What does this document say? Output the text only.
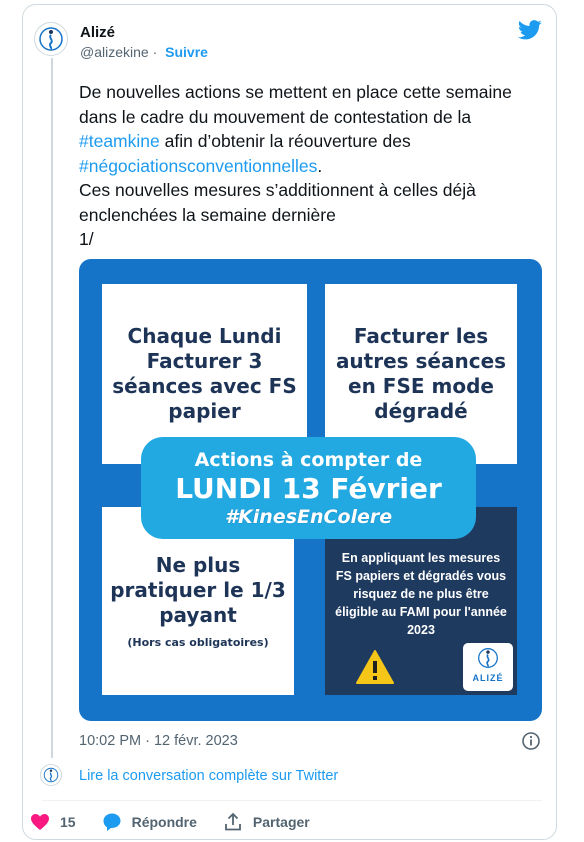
Alizé
@alizekine · Suivre
De nouvelles actions se mettent en place cette semaine dans le cadre du mouvement de contestation de la #teamkine afin d’obtenir la réouverture des #négociationsconventionnelles.
Ces nouvelles mesures s’additionnent à celles déjà enclenchées la semaine dernière
1/
Chaque Lundi Facturer 3 séances avec FS papier
Facturer les autres séances en FSE mode dégradé
Ne plus pratiquer le 1/3 payant
(Hors cas obligatoires)
En appliquant les mesures FS papiers et dégradés vous risquez de ne plus être éligible au FAMI pour l'année 2023
ALIZÉ
Actions à compter de
LUNDI 13 Février
#KinesEnColere
10:02 PM · 12 févr. 2023
Lire la conversation complète sur Twitter
15	Répondre	Partager
